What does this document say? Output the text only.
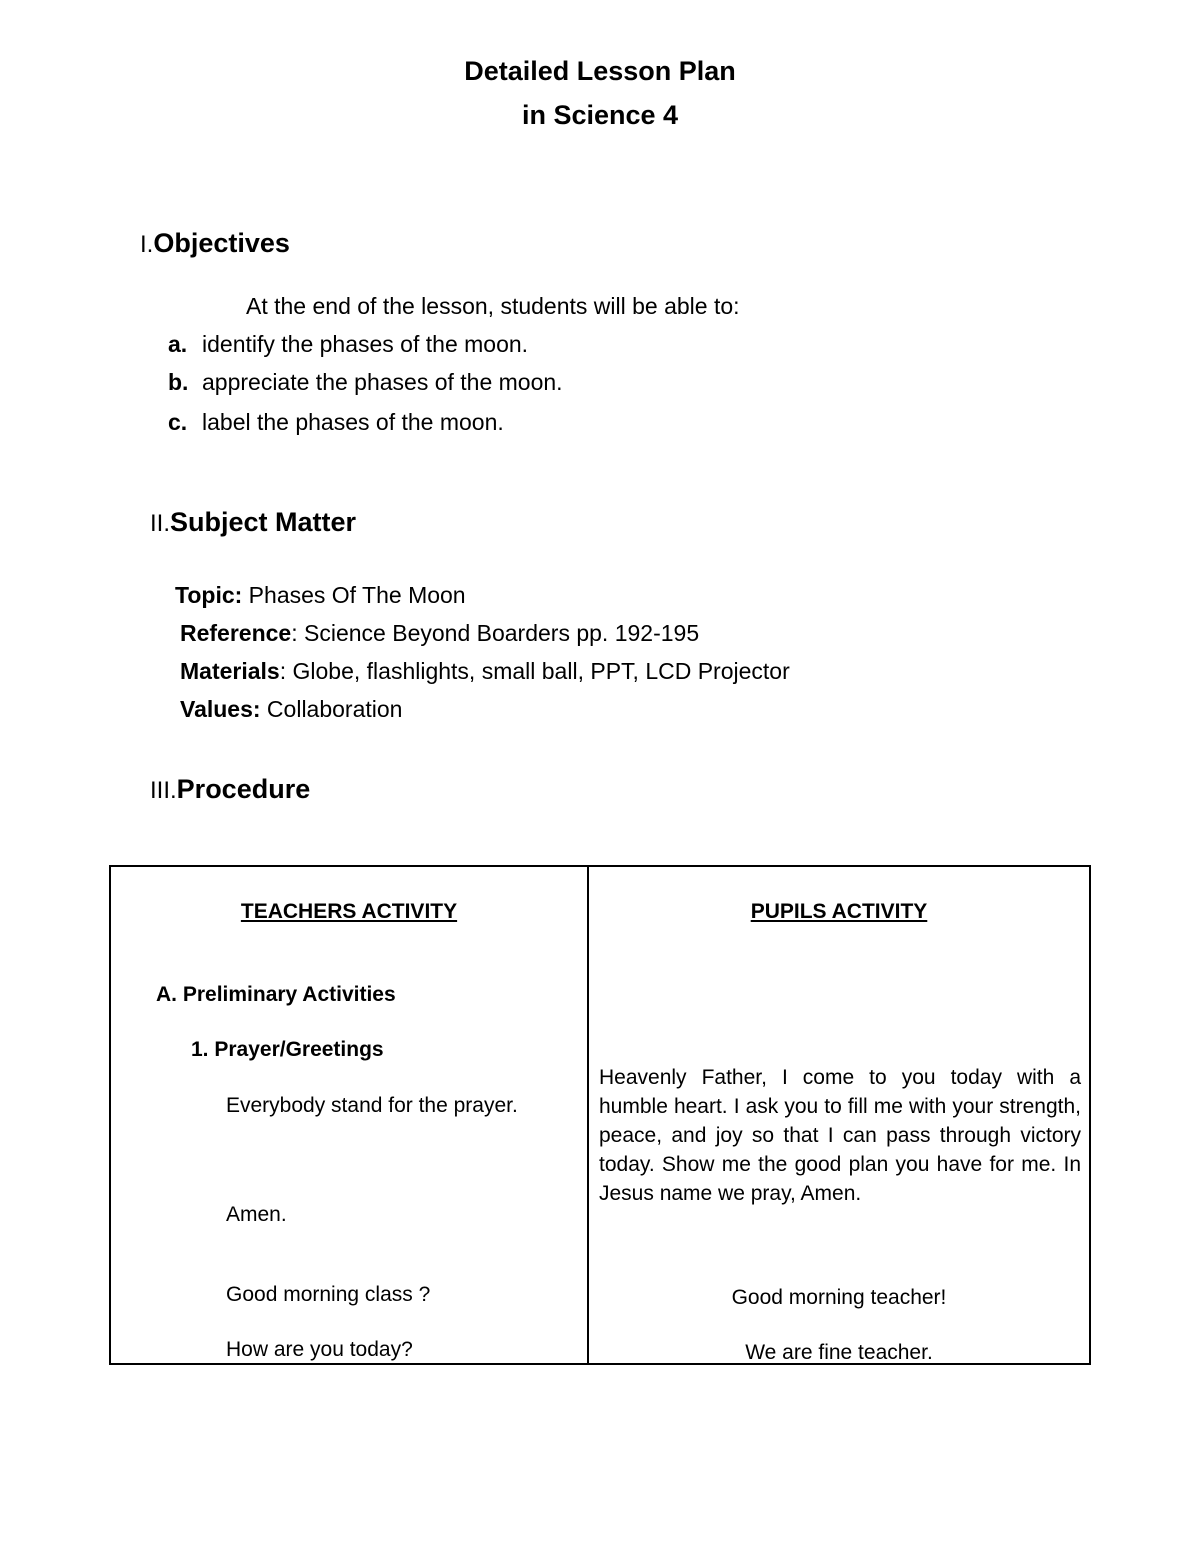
Detailed Lesson Plan
in Science 4
I.Objectives
At the end of the lesson, students will be able to:
a. identify the phases of the moon.
b. appreciate the phases of the moon.
c. label the phases of the moon.
II.Subject Matter
Topic: Phases Of The Moon
Reference: Science Beyond Boarders pp. 192-195
Materials: Globe, flashlights, small ball, PPT, LCD Projector
Values: Collaboration
III.Procedure
TEACHERS ACTIVITY	PUPILS ACTIVITY
A. Preliminary Activities
1. Prayer/Greetings
Everybody stand for the prayer.
Amen.
Good morning class ?
How are you today?
Heavenly Father, I come to you today with a humble heart. I ask you to fill me with your strength, peace, and joy so that I can pass through victory today. Show me the good plan you have for me. In Jesus name we pray, Amen.
Good morning teacher!
We are fine teacher.
